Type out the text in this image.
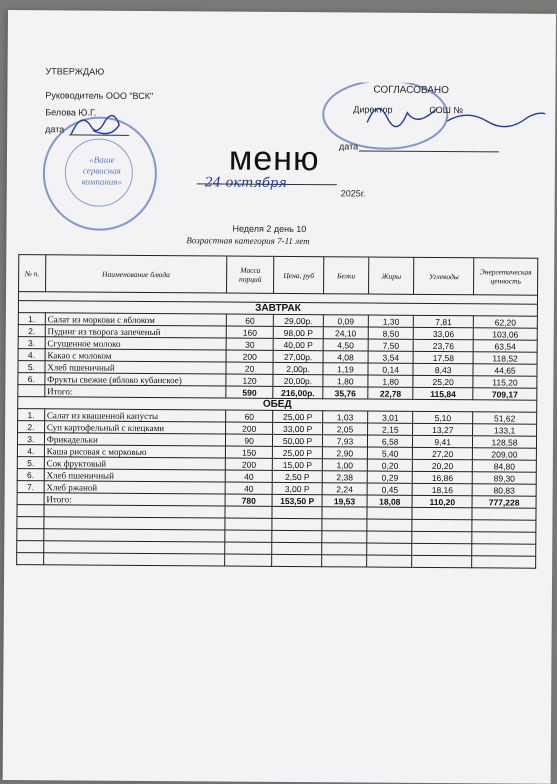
УТВЕРЖДАЮ
Руководитель ООО "ВСК"
Белова Ю.Г.
дата
СОГЛАСОВАНО
Директор	СОШ №
дата
«Ваше сервисная компания»
меню
24 октября
2025г.
Неделя 2 день 10
Возрастная категория 7-11 лет
№ п.	Наименование блюда	Масса порций	Цена, руб	Белки	Жиры	Углеводы	Энергетическая ценность

ЗАВТРАК							
1.	Салат из моркови с яблоком	60	29,00р.	0,09	1,30	7,81	62,20
2.	Пудинг из творога запеченый	160	98,00 Р	24,10	8,50	33,06	103,06
3.	Сгущенное молоко	30	40,00 Р	4,50	7,50	23,76	63,54
4.	Какао с молоком	200	27,00р.	4,08	3,54	17,58	118,52
5.	Хлеб пшеничный	20	2,00р.	1,19	0,14	8,43	44,65
6.	Фрукты свежие (яблоко кубанское)	120	20,00р.	1,80	1,80	25,20	115,20
	Итого:	590	216,00р.	35,76	22,78	115,84	709,17
ОБЕД							
1.	Салат из квашенной капусты	60	25,00 Р	1,03	3,01	5,10	51,62
2.	Суп картофельный с клецками	200	33,00 Р	2,05	2,15	13,27	133,1
3.	Фрикадельки	90	50,00 Р	7,93	6,58	9,41	128,58
4.	Каша рисовая с морковью	150	25,00 Р	2,90	5,40	27,20	209,00
5.	Сок фруктовый	200	15,00 Р	1,00	0,20	20,20	84,80
6.	Хлеб пшеничный	40	2,50 Р	2,38	0,29	16,86	89,30
7.	Хлеб ржаной	40	3,00 Р	2,24	0,45	18,16	80,83
	Итого:	780	153,50 Р	19,53	18,08	110,20	777,228
